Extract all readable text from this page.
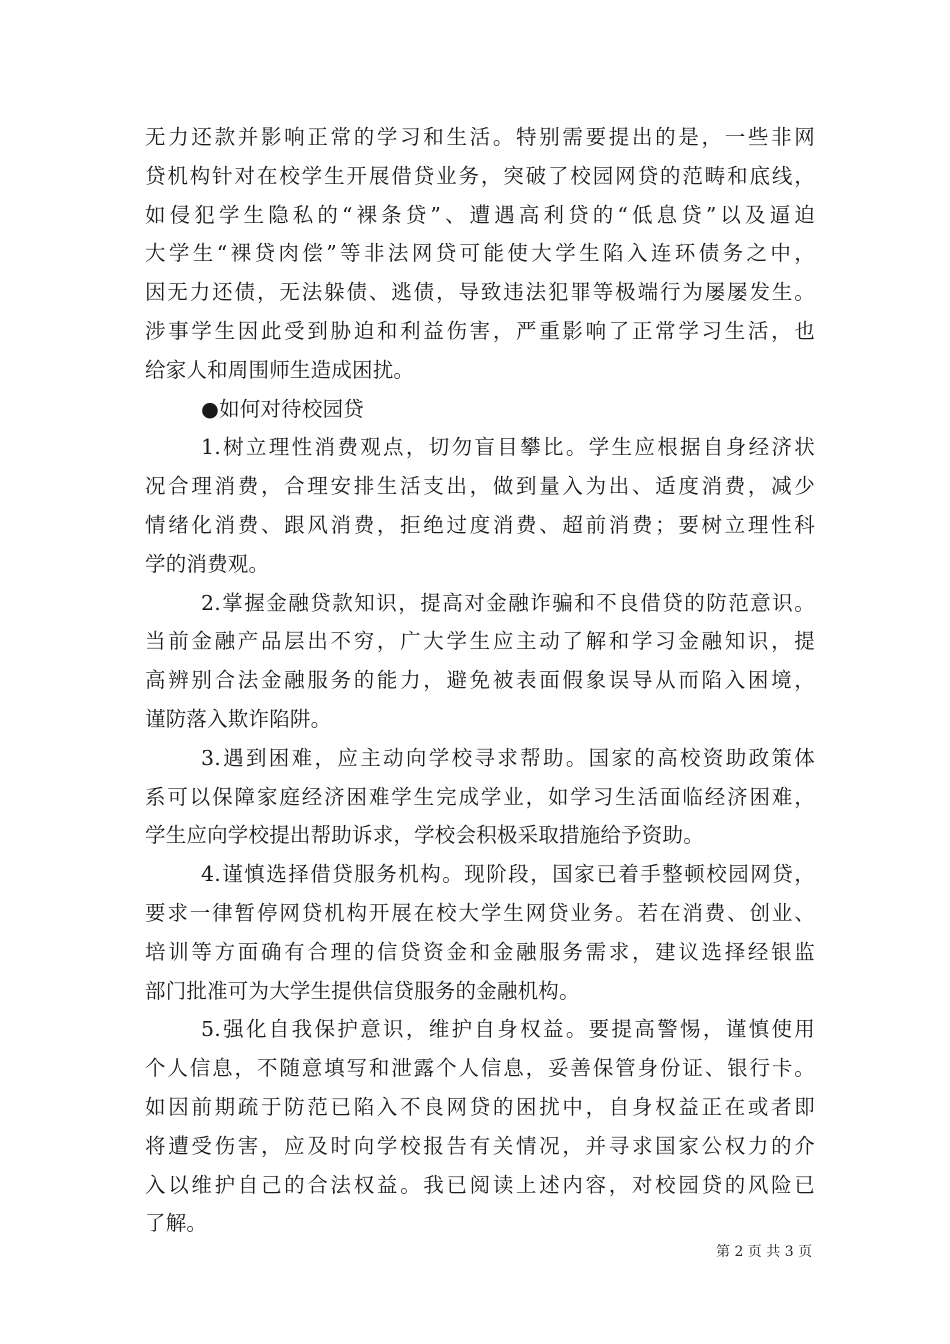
无力还款并影响正常的学习和生活。特别需要提出的是，一些非网
贷机构针对在校学生开展借贷业务，突破了校园网贷的范畴和底线，
如侵犯学生隐私的“裸条贷”、遭遇高利贷的“低息贷”以及逼迫
大学生“裸贷肉偿”等非法网贷可能使大学生陷入连环债务之中，
因无力还债，无法躲债、逃债，导致违法犯罪等极端行为屡屡发生。
涉事学生因此受到胁迫和利益伤害，严重影响了正常学习生活，也
给家人和周围师生造成困扰。
●如何对待校园贷
1.树立理性消费观点，切勿盲目攀比。学生应根据自身经济状
况合理消费，合理安排生活支出，做到量入为出、适度消费，减少
情绪化消费、跟风消费，拒绝过度消费、超前消费；要树立理性科
学的消费观。
2.掌握金融贷款知识，提高对金融诈骗和不良借贷的防范意识。
当前金融产品层出不穷，广大学生应主动了解和学习金融知识，提
高辨别合法金融服务的能力，避免被表面假象误导从而陷入困境，
谨防落入欺诈陷阱。
3.遇到困难，应主动向学校寻求帮助。国家的高校资助政策体
系可以保障家庭经济困难学生完成学业，如学习生活面临经济困难，
学生应向学校提出帮助诉求，学校会积极采取措施给予资助。
4.谨慎选择借贷服务机构。现阶段，国家已着手整顿校园网贷，
要求一律暂停网贷机构开展在校大学生网贷业务。若在消费、创业、
培训等方面确有合理的信贷资金和金融服务需求，建议选择经银监
部门批准可为大学生提供信贷服务的金融机构。
5.强化自我保护意识，维护自身权益。要提高警惕，谨慎使用
个人信息，不随意填写和泄露个人信息，妥善保管身份证、银行卡。
如因前期疏于防范已陷入不良网贷的困扰中，自身权益正在或者即
将遭受伤害，应及时向学校报告有关情况，并寻求国家公权力的介
入以维护自己的合法权益。我已阅读上述内容，对校园贷的风险已
了解。
第 2 页 共 3 页
